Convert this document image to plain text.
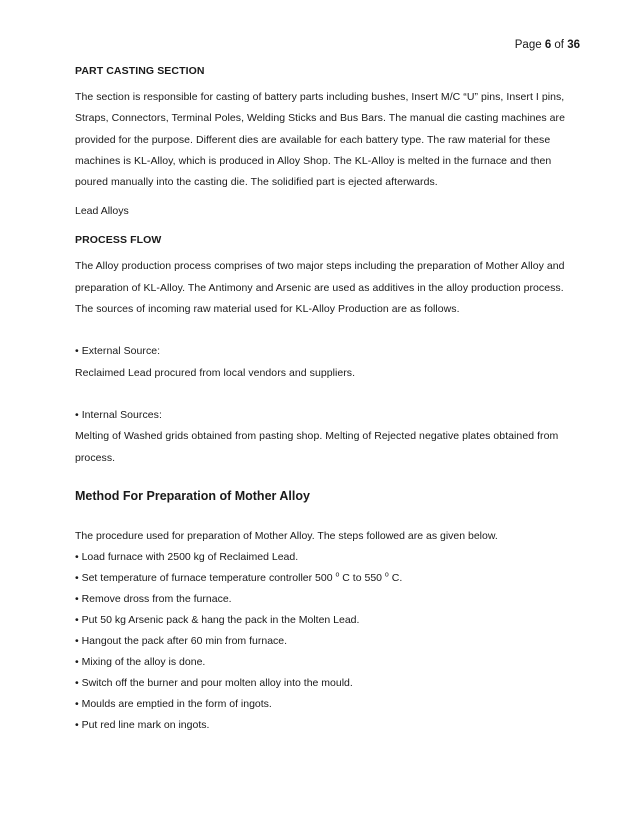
Page 6 of 36
PART CASTING SECTION

The section is responsible for casting of battery parts including bushes, Insert M/C “U” pins, Insert I pins, Straps, Connectors, Terminal Poles, Welding Sticks and Bus Bars. The manual die casting machines are provided for the purpose. Different dies are available for each battery type. The raw material for these machines is KL-Alloy, which is produced in Alloy Shop. The KL-Alloy is melted in the furnace and then poured manually into the casting die. The solidified part is ejected afterwards.

Lead Alloys

PROCESS FLOW

The Alloy production process comprises of two major steps including the preparation of Mother Alloy and preparation of KL-Alloy. The Antimony and Arsenic are used as additives in the alloy production process. The sources of incoming raw material used for KL-Alloy Production are as follows.

• External Source:

Reclaimed Lead procured from local vendors and suppliers.

• Internal Sources:

Melting of Washed grids obtained from pasting shop. Melting of Rejected negative plates obtained from process.

Method For Preparation of Mother Alloy

The procedure used for preparation of Mother Alloy. The steps followed are as given below.

• Load furnace with 2500 kg of Reclaimed Lead.

• Set temperature of furnace temperature controller 500 $^o$ C to 550 $^o$ C.

• Remove dross from the furnace.

• Put 50 kg Arsenic pack & hang the pack in the Molten Lead.

• Hangout the pack after 60 min from furnace.

• Mixing of the alloy is done.

• Switch off the burner and pour molten alloy into the mould.

• Moulds are emptied in the form of ingots.

• Put red line mark on ingots.
